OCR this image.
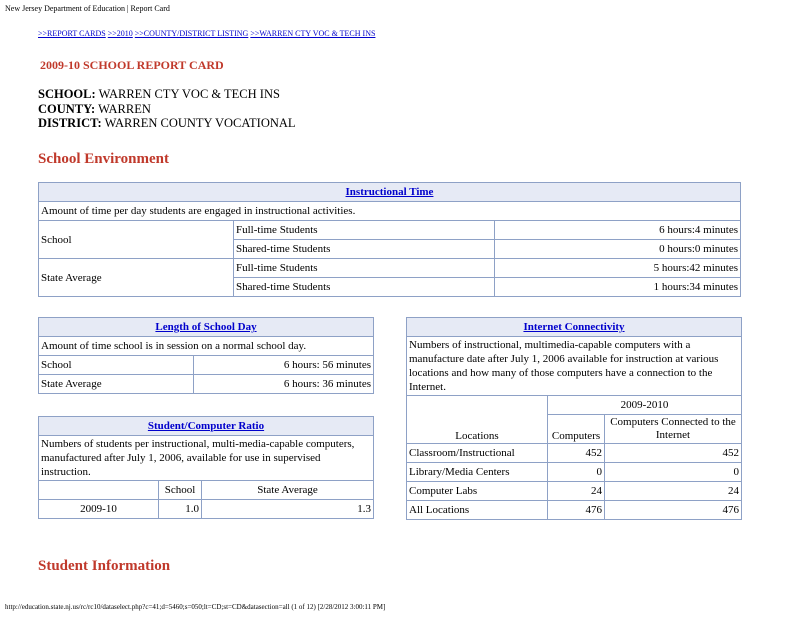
New Jersey Department of Education | Report Card
>>REPORT CARDS >>2010 >>COUNTY/DISTRICT LISTING >>WARREN CTY VOC & TECH INS
2009-10 SCHOOL REPORT CARD
SCHOOL: WARREN CTY VOC & TECH INS
COUNTY: WARREN
DISTRICT: WARREN COUNTY VOCATIONAL
School Environment
Instructional Time		
Amount of time per day students are engaged in instructional activities.		
School	Full-time Students	6 hours:4 minutes
	Shared-time Students	0 hours:0 minutes
State Average	Full-time Students	5 hours:42 minutes
	Shared-time Students	1 hours:34 minutes
Length of School Day	
Amount of time school is in session on a normal school day.	
School	6 hours: 56 minutes
State Average	6 hours: 36 minutes
Student/Computer Ratio		
Numbers of students per instructional, multi-media-capable computers, manufactured after July 1, 2006, available for use in supervised instruction.		
	School	State Average
2009-10	1.0	1.3
Internet Connectivity		
Numbers of instructional, multimedia-capable computers with a manufacture date after July 1, 2006 available for instruction at various locations and how many of those computers have a connection to the Internet.		
Locations	2009-2010	
	Computers	Computers Connected to the Internet
Classroom/Instructional	452	452
Library/Media Centers	0	0
Computer Labs	24	24
All Locations	476	476
Student Information
http://education.state.nj.us/rc/rc10/dataselect.php?c=41;d=5460;s=050;lt=CD;st=CD&datasection=all (1 of 12) [2/28/2012 3:00:11 PM]
